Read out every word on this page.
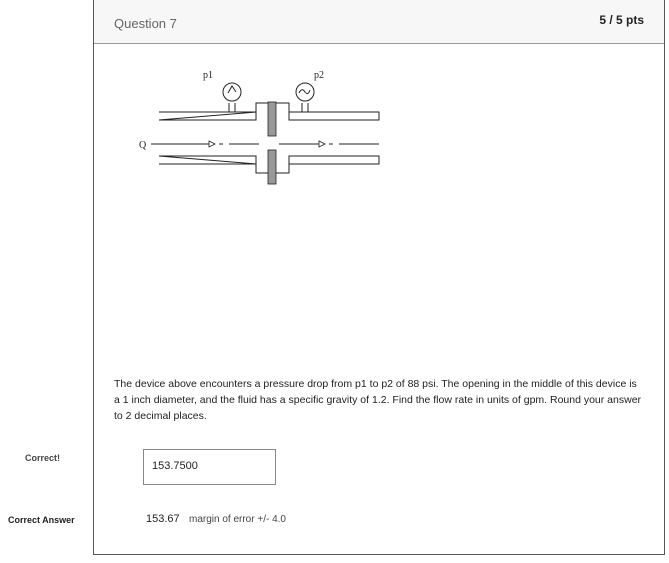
Correct!
Correct Answer
Question 7	5 / 5 pts
p1	p2
Q
The device above encounters a pressure drop from p1 to p2 of 88 psi. The opening in the middle of this device is a 1 inch diameter, and the fluid has a specific gravity of 1.2. Find the flow rate in units of gpm. Round your answer to 2 decimal places.
153.7500
153.67 margin of error +/- 4.0
